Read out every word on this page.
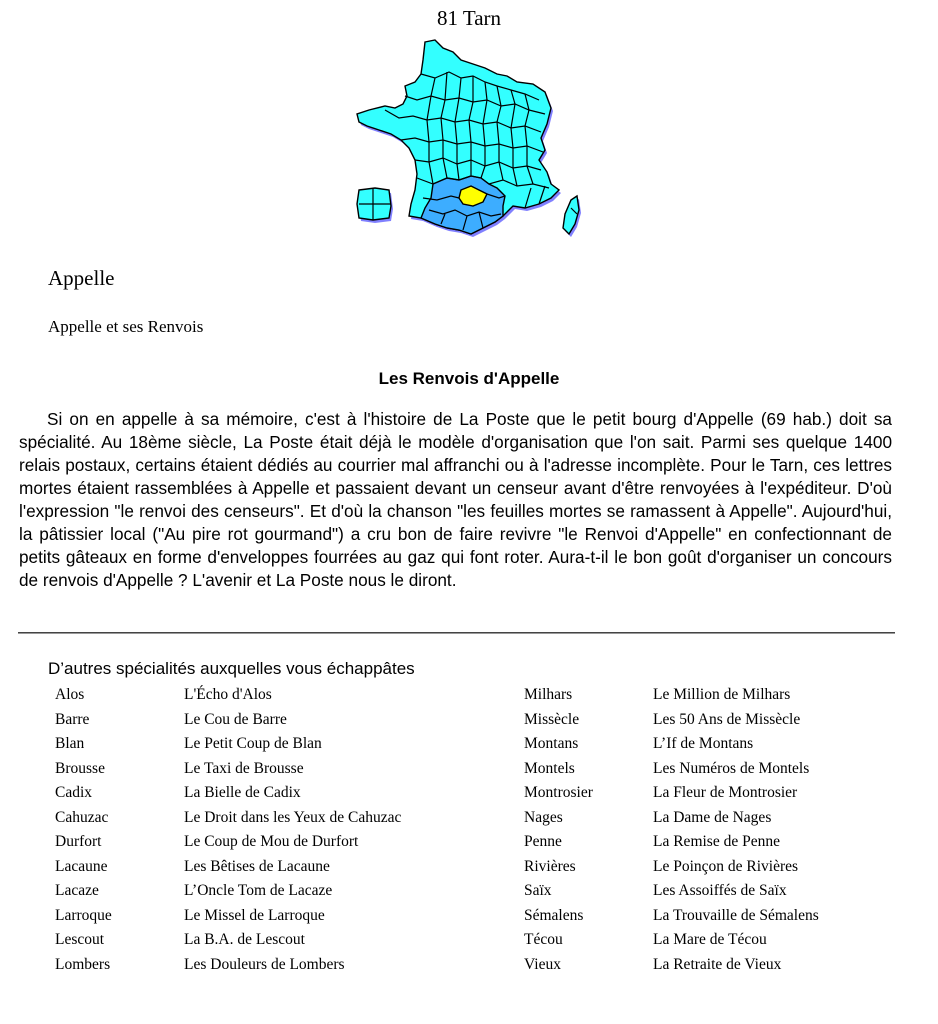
81 Tarn
Appelle
Appelle et ses Renvois
Les Renvois d'Appelle

Si on en appelle à sa mémoire, c'est à l'histoire de La Poste que le petit bourg d'Appelle (69 hab.) doit sa spécialité. Au 18ème siècle, La Poste était déjà le modèle d'organisation que l'on sait. Parmi ses quelque 1400 relais postaux, certains étaient dédiés au courrier mal affranchi ou à l'adresse incomplète. Pour le Tarn, ces lettres mortes étaient rassemblées à Appelle et passaient devant un censeur avant d'être renvoyées à l'expéditeur. D'où l'expression "le renvoi des censeurs". Et d'où la chanson "les feuilles mortes se ramassent à Appelle". Aujourd'hui, la pâtissier local ("Au pire rot gourmand") a cru bon de faire revivre "le Renvoi d'Appelle" en confectionnant de petits gâteaux en forme d'enveloppes fourrées au gaz qui font roter. Aura-t-il le bon goût d'organiser un concours de renvois d'Appelle ? L'avenir et La Poste nous le diront.

D’autres spécialités auxquelles vous échappâtes
Alos	L'Écho d'Alos
Barre	Le Cou de Barre
Blan	Le Petit Coup de Blan
Brousse	Le Taxi de Brousse
Cadix	La Bielle de Cadix
Cahuzac	Le Droit dans les Yeux de Cahuzac
Durfort	Le Coup de Mou de Durfort
Lacaune	Les Bêtises de Lacaune
Lacaze	L’Oncle Tom de Lacaze
Larroque	Le Missel de Larroque
Lescout	La B.A. de Lescout
Lombers	Les Douleurs de Lombers
Milhars	Le Million de Milhars
Missècle	Les 50 Ans de Missècle
Montans	L’If de Montans
Montels	Les Numéros de Montels
Montrosier	La Fleur de Montrosier
Nages	La Dame de Nages
Penne	La Remise de Penne
Rivières	Le Poinçon de Rivières
Saïx	Les Assoiffés de Saïx
Sémalens	La Trouvaille de Sémalens
Técou	La Mare de Técou
Vieux	La Retraite de Vieux
